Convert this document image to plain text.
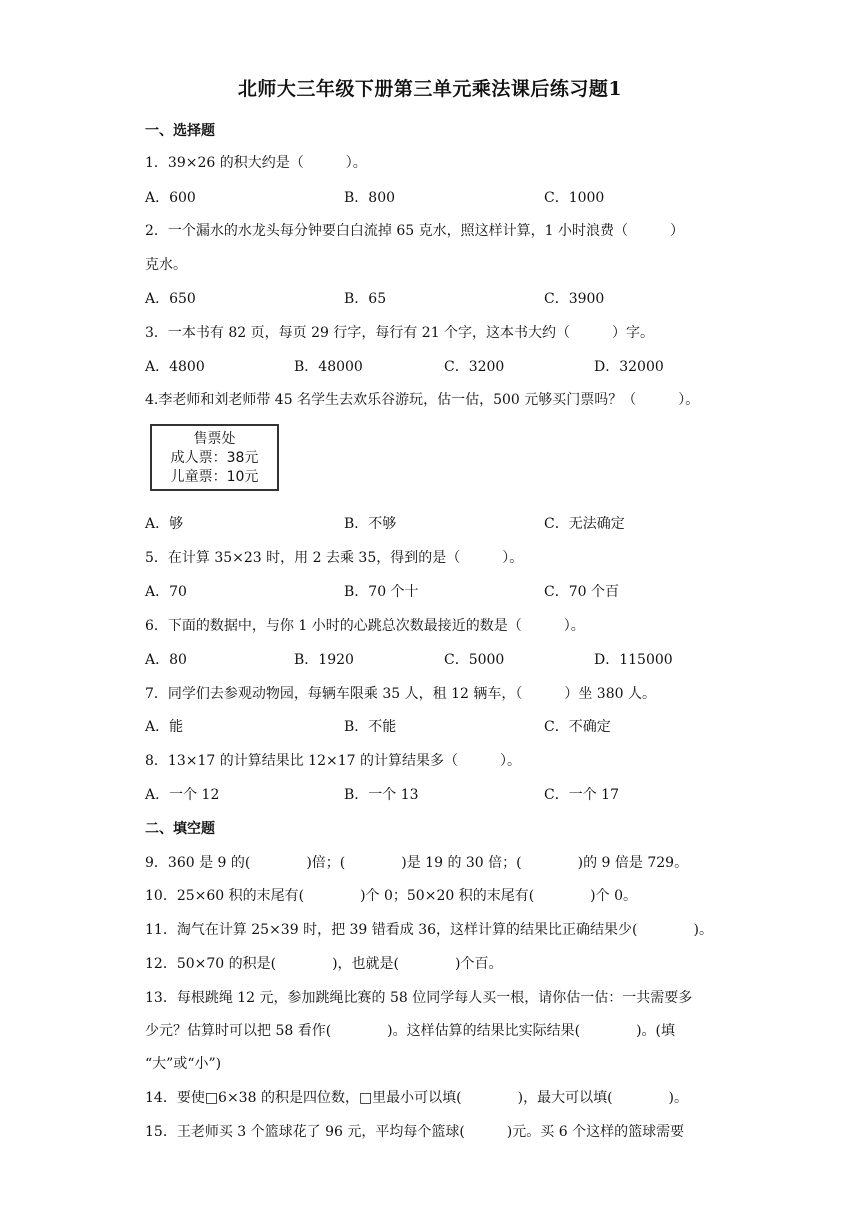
北师大三年级下册第三单元乘法课后练习题1
一、选择题
1．39×26 的积大约是（　　　）。
A．600	B．800	C．1000
2．一个漏水的水龙头每分钟要白白流掉 65 克水，照这样计算，1 小时浪费（　　　）
克水。
A．650	B．65	C．3900
3．一本书有 82 页，每页 29 行字，每行有 21 个字，这本书大约（　　　）字。
A．4800	B．48000	C．3200	D．32000
4.李老师和刘老师带 45 名学生去欢乐谷游玩，估一估，500 元够买门票吗？（　　　）。
售票处
成人票：38元
儿童票：10元
A．够	B．不够	C．无法确定
5．在计算 35×23 时，用 2 去乘 35，得到的是（　　　）。
A．70	B．70 个十	C．70 个百
6．下面的数据中，与你 1 小时的心跳总次数最接近的数是（　　　）。
A．80	B．1920	C．5000	D．115000
7．同学们去参观动物园，每辆车限乘 35 人，租 12 辆车，（　　　）坐 380 人。
A．能	B．不能	C．不确定
8．13×17 的计算结果比 12×17 的计算结果多（　　　）。
A．一个 12	B．一个 13	C．一个 17
二、填空题
9．360 是 9 的(　　　　)倍；(　　　　)是 19 的 30 倍；(　　　　)的 9 倍是 729。
10．25×60 积的末尾有(　　　　)个 0；50×20 积的末尾有(　　　　)个 0。
11．淘气在计算 25×39 时，把 39 错看成 36，这样计算的结果比正确结果少(　　　　)。
12．50×70 的积是(　　　　)，也就是(　　　　)个百。
13．每根跳绳 12 元，参加跳绳比赛的 58 位同学每人买一根，请你估一估：一共需要多
少元？估算时可以把 58 看作(　　　　)。这样估算的结果比实际结果(　　　　)。(填
“大”或“小”)
14．要使□6×38 的积是四位数，□里最小可以填(　　　　)，最大可以填(　　　　)。
15．王老师买 3 个篮球花了 96 元，平均每个篮球(　　　)元。买 6 个这样的篮球需要
